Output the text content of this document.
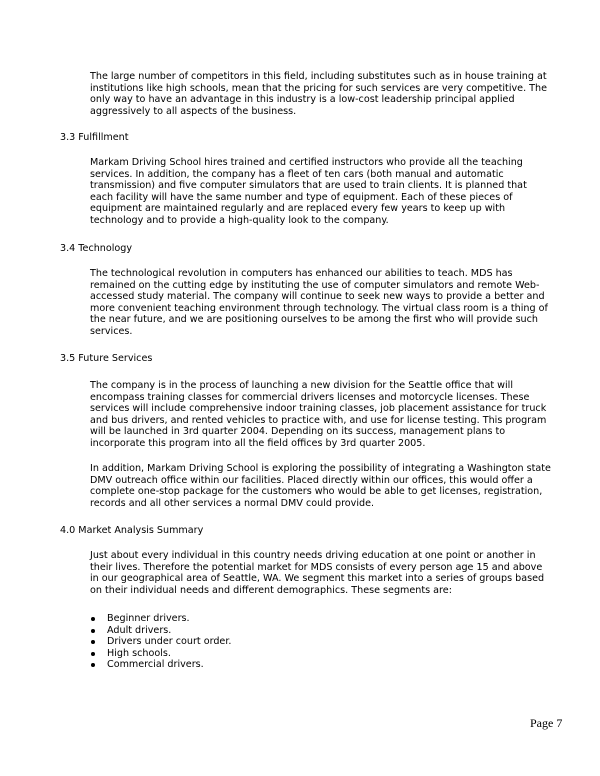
The large number of competitors in this field, including substitutes such as in house training at
institutions like high schools, mean that the pricing for such services are very competitive. The
only way to have an advantage in this industry is a low-cost leadership principal applied
aggressively to all aspects of the business.
3.3 Fulfillment
Markam Driving School hires trained and certified instructors who provide all the teaching
services. In addition, the company has a fleet of ten cars (both manual and automatic
transmission) and five computer simulators that are used to train clients. It is planned that
each facility will have the same number and type of equipment. Each of these pieces of
equipment are maintained regularly and are replaced every few years to keep up with
technology and to provide a high-quality look to the company.
3.4 Technology
The technological revolution in computers has enhanced our abilities to teach. MDS has
remained on the cutting edge by instituting the use of computer simulators and remote Web-
accessed study material. The company will continue to seek new ways to provide a better and
more convenient teaching environment through technology. The virtual class room is a thing of
the near future, and we are positioning ourselves to be among the first who will provide such
services.
3.5 Future Services
The company is in the process of launching a new division for the Seattle office that will
encompass training classes for commercial drivers licenses and motorcycle licenses. These
services will include comprehensive indoor training classes, job placement assistance for truck
and bus drivers, and rented vehicles to practice with, and use for license testing. This program
will be launched in 3rd quarter 2004. Depending on its success, management plans to
incorporate this program into all the field offices by 3rd quarter 2005.
In addition, Markam Driving School is exploring the possibility of integrating a Washington state
DMV outreach office within our facilities. Placed directly within our offices, this would offer a
complete one-stop package for the customers who would be able to get licenses, registration,
records and all other services a normal DMV could provide.
4.0 Market Analysis Summary
Just about every individual in this country needs driving education at one point or another in
their lives. Therefore the potential market for MDS consists of every person age 15 and above
in our geographical area of Seattle, WA. We segment this market into a series of groups based
on their individual needs and different demographics. These segments are:
Beginner drivers.
Adult drivers.
Drivers under court order.
High schools.
Commercial drivers.
Page 7
